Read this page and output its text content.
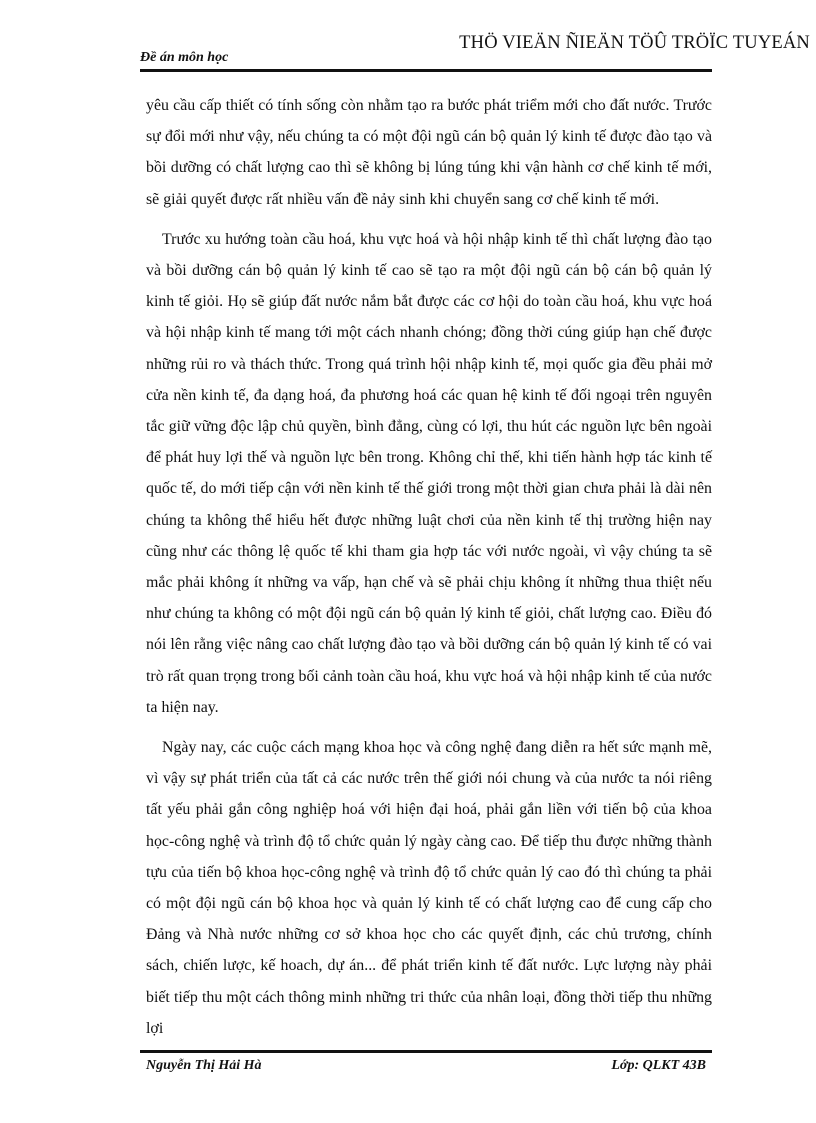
Đề án môn học
THÖ VIEÄN ÑIEÄN TÖÛ TRÖÏC TUYEÁN

yêu cầu cấp thiết có tính sống còn nhằm tạo ra bước phát triểm mới cho đất nước. Trước sự đổi mới như vậy, nếu chúng ta có một đội ngũ cán bộ quản lý kinh tế được đào tạo và bồi dưỡng có chất lượng cao thì sẽ không bị lúng túng khi vận hành cơ chế kinh tế mới, sẽ giải quyết được rất nhiều vấn đề nảy sinh khi chuyển sang cơ chế kinh tế mới.

Trước xu hướng toàn cầu hoá, khu vực hoá và hội nhập kinh tế thì chất lượng đào tạo và bồi dưỡng cán bộ quản lý kinh tế cao sẽ tạo ra một đội ngũ cán bộ cán bộ quản lý kinh tế giỏi. Họ sẽ giúp đất nước nắm bắt được các cơ hội do toàn cầu hoá, khu vực hoá và hội nhập kinh tế mang tới một cách nhanh chóng; đồng thời cúng giúp hạn chế được những rủi ro và thách thức. Trong quá trình hội nhập kinh tế, mọi quốc gia đều phải mở cửa nền kinh tế, đa dạng hoá, đa phương hoá các quan hệ kinh tế đối ngoại trên nguyên tắc giữ vững độc lập chủ quyền, bình đẳng, cùng có lợi, thu hút các nguồn lực bên ngoài để phát huy lợi thế và nguồn lực bên trong. Không chỉ thế, khi tiến hành hợp tác kinh tế quốc tế, do mới tiếp cận với nền kinh tế thế giới trong một thời gian chưa phải là dài nên chúng ta không thể hiểu hết được những luật chơi của nền kinh tế thị trường hiện nay cũng như các thông lệ quốc tế khi tham gia hợp tác với nước ngoài, vì vậy chúng ta sẽ mắc phải không ít những va vấp, hạn chế và sẽ phải chịu không ít những thua thiệt nếu như chúng ta không có một đội ngũ cán bộ quản lý kinh tế giỏi, chất lượng cao. Điều đó nói lên rằng việc nâng cao chất lượng đào tạo và bồi dưỡng cán bộ quản lý kinh tế có vai trò rất quan trọng trong bối cảnh toàn cầu hoá, khu vực hoá và hội nhập kinh tế của nước ta hiện nay.

Ngày nay, các cuộc cách mạng khoa học và công nghệ đang diễn ra hết sức mạnh mẽ, vì vậy sự phát triển của tất cả các nước trên thế giới nói chung và của nước ta nói riêng tất yếu phải gắn công nghiệp hoá với hiện đại hoá, phải gắn liền với tiến bộ của khoa học-công nghệ và trình độ tổ chức quản lý ngày càng cao. Để tiếp thu được những thành tựu của tiến bộ khoa học-công nghệ và trình độ tổ chức quản lý cao đó thì chúng ta phải có một đội ngũ cán bộ khoa học và quản lý kinh tế có chất lượng cao để cung cấp cho Đảng và Nhà nước những cơ sở khoa học cho các quyết định, các chủ trương, chính sách, chiến lược, kế hoach, dự án... để phát triển kinh tế đất nước. Lực lượng này phải biết tiếp thu một cách thông minh những tri thức của nhân loại, đồng thời tiếp thu những lợi

Nguyễn Thị Hải Hà	Lớp: QLKT 43B
